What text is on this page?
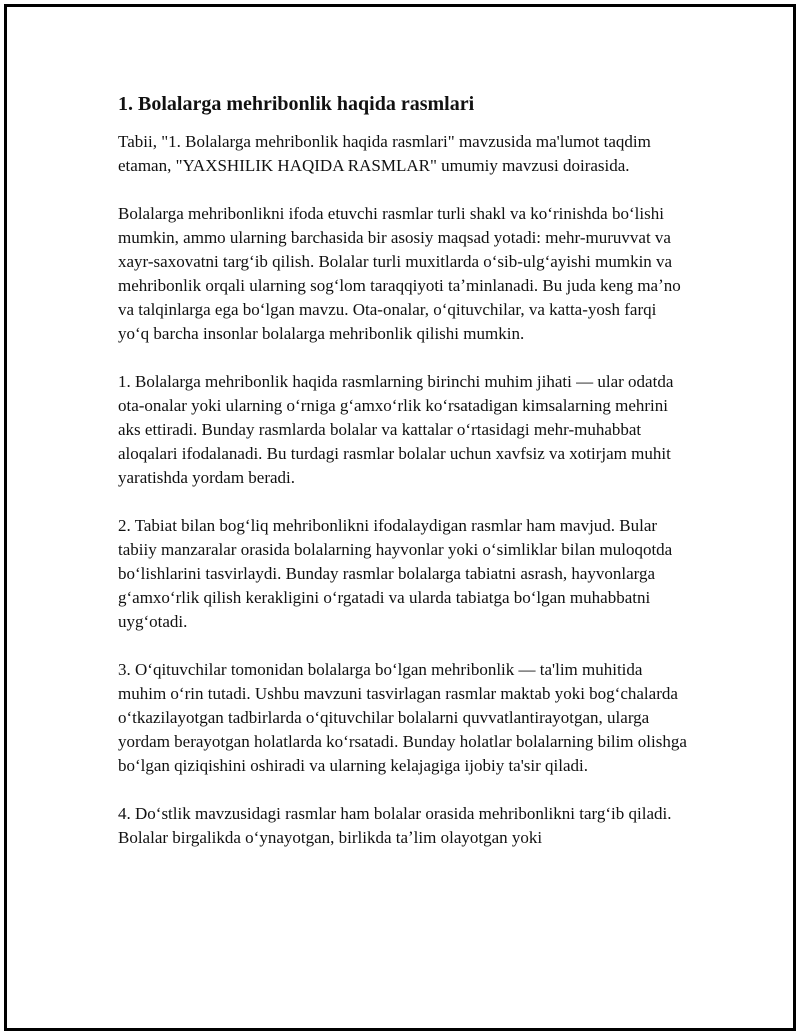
1. Bolalarga mehribonlik haqida rasmlari

Tabii, "1. Bolalarga mehribonlik haqida rasmlari" mavzusida ma'lumot taqdim etaman, "YAXSHILIK HAQIDA RASMLAR" umumiy mavzusi doirasida.

Bolalarga mehribonlikni ifoda etuvchi rasmlar turli shakl va koʻrinishda boʻlishi mumkin, ammo ularning barchasida bir asosiy maqsad yotadi: mehr-muruvvat va xayr-saxovatni targʻib qilish. Bolalar turli muxitlarda oʻsib-ulgʻayishi mumkin va mehribonlik orqali ularning sogʻlom taraqqiyoti taʼminlanadi. Bu juda keng maʼno va talqinlarga ega boʻlgan mavzu. Ota-onalar, oʻqituvchilar, va katta-yosh farqi yoʻq barcha insonlar bolalarga mehribonlik qilishi mumkin.

1. Bolalarga mehribonlik haqida rasmlarning birinchi muhim jihati — ular odatda ota-onalar yoki ularning oʻrniga gʻamxoʻrlik koʻrsatadigan kimsalarning mehrini aks ettiradi. Bunday rasmlarda bolalar va kattalar oʻrtasidagi mehr-muhabbat aloqalari ifodalanadi. Bu turdagi rasmlar bolalar uchun xavfsiz va xotirjam muhit yaratishda yordam beradi.

2. Tabiat bilan bogʻliq mehribonlikni ifodalaydigan rasmlar ham mavjud. Bular tabiiy manzaralar orasida bolalarning hayvonlar yoki oʻsimliklar bilan muloqotda boʻlishlarini tasvirlaydi. Bunday rasmlar bolalarga tabiatni asrash, hayvonlarga gʻamxoʻrlik qilish kerakligini oʻrgatadi va ularda tabiatga boʻlgan muhabbatni uygʻotadi.

3. Oʻqituvchilar tomonidan bolalarga boʻlgan mehribonlik — ta'lim muhitida muhim oʻrin tutadi. Ushbu mavzuni tasvirlagan rasmlar maktab yoki bogʻchalarda oʻtkazilayotgan tadbirlarda oʻqituvchilar bolalarni quvvatlantirayotgan, ularga yordam berayotgan holatlarda koʻrsatadi. Bunday holatlar bolalarning bilim olishga boʻlgan qiziqishini oshiradi va ularning kelajagiga ijobiy ta'sir qiladi.

4. Doʻstlik mavzusidagi rasmlar ham bolalar orasida mehribonlikni targʻib qiladi. Bolalar birgalikda oʻynayotgan, birlikda taʼlim olayotgan yoki
